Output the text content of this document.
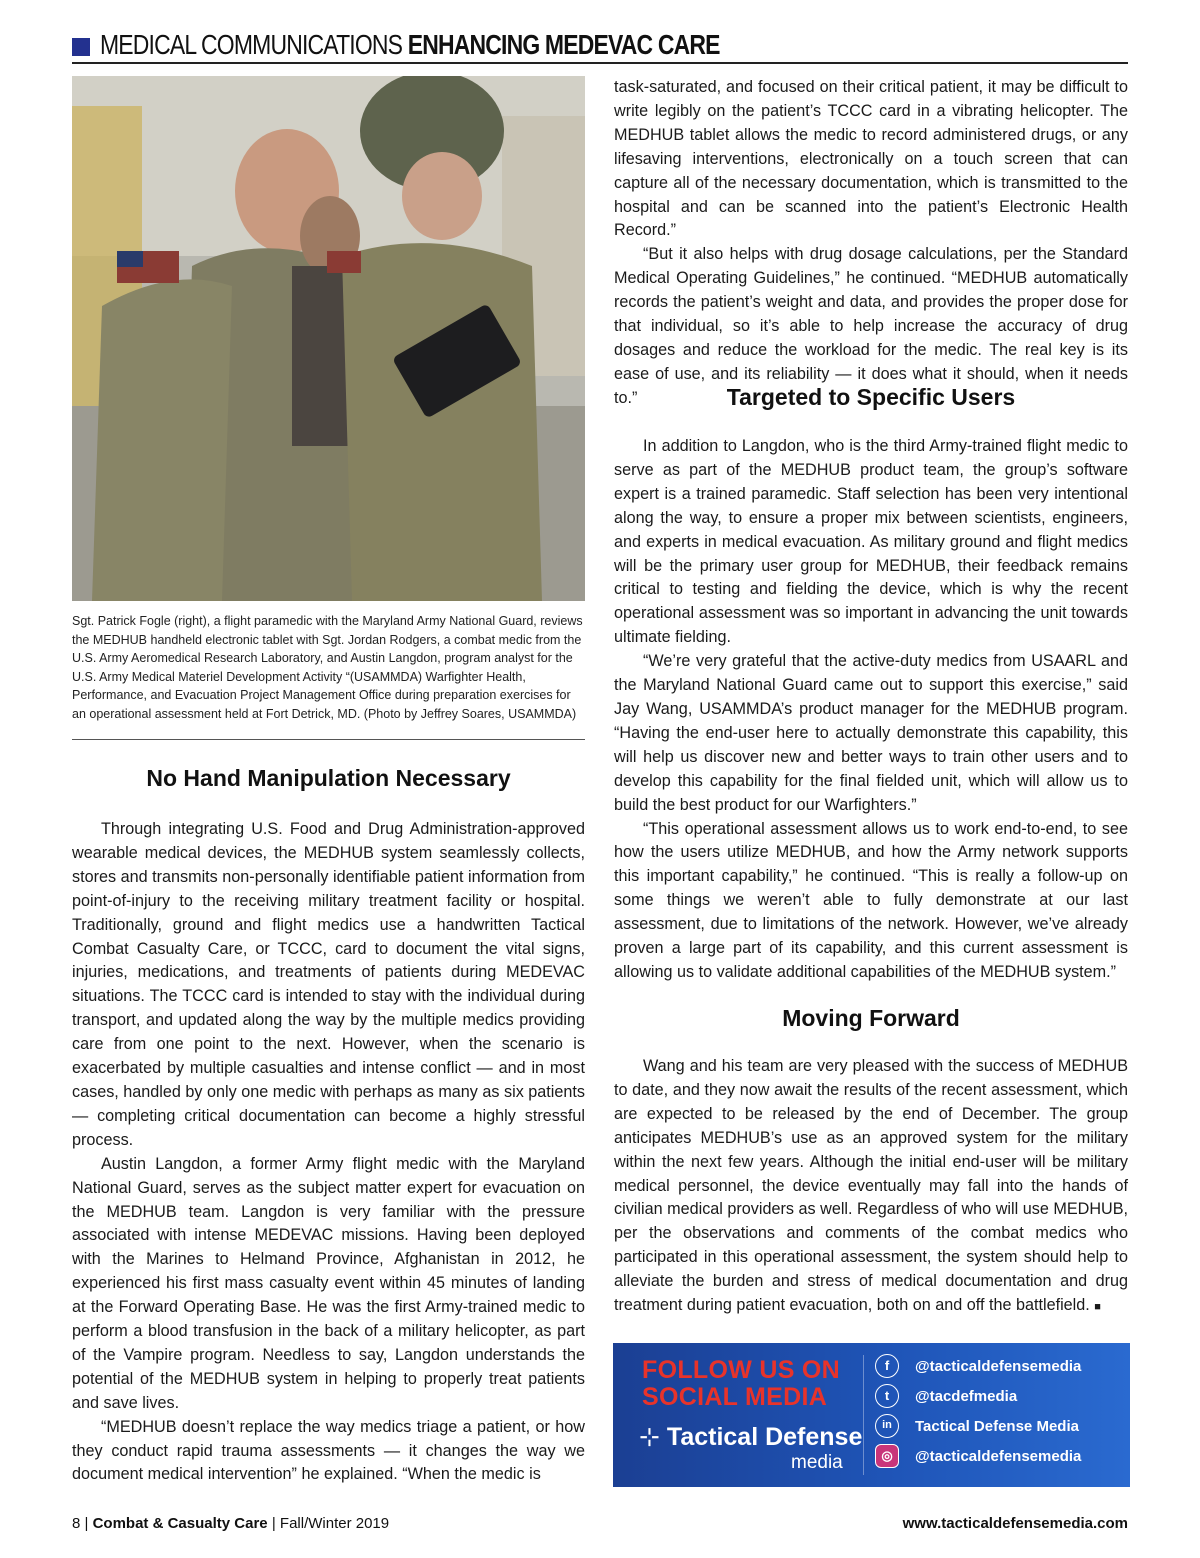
MEDICAL COMMUNICATIONS ENHANCING MEDEVAC CARE
Sgt. Patrick Fogle (right), a flight paramedic with the Maryland Army National Guard, reviews the MEDHUB handheld electronic tablet with Sgt. Jordan Rodgers, a combat medic from the U.S. Army Aeromedical Research Laboratory, and Austin Langdon, program analyst for the U.S. Army Medical Materiel Development Activity “(USAMMDA) Warfighter Health, Performance, and Evacuation Project Management Office during preparation exercises for an operational assessment held at Fort Detrick, MD. (Photo by Jeffrey Soares, USAMMDA)
No Hand Manipulation Necessary

Through integrating U.S. Food and Drug Administration-approved wearable medical devices, the MEDHUB system seamlessly collects, stores and transmits non-personally identifiable patient information from point-of-injury to the receiving military treatment facility or hospital. Traditionally, ground and flight medics use a handwritten Tactical Combat Casualty Care, or TCCC, card to document the vital signs, injuries, medications, and treatments of patients during MEDEVAC situations. The TCCC card is intended to stay with the individual during transport, and updated along the way by the multiple medics providing care from one point to the next. However, when the scenario is exacerbated by multiple casualties and intense conflict — and in most cases, handled by only one medic with perhaps as many as six patients — completing critical documentation can become a highly stressful process.

Austin Langdon, a former Army flight medic with the Maryland National Guard, serves as the subject matter expert for evacuation on the MEDHUB team. Langdon is very familiar with the pressure associated with intense MEDEVAC missions. Having been deployed with the Marines to Helmand Province, Afghanistan in 2012, he experienced his first mass casualty event within 45 minutes of landing at the Forward Operating Base. He was the first Army-trained medic to perform a blood transfusion in the back of a military helicopter, as part of the Vampire program. Needless to say, Langdon understands the potential of the MEDHUB system in helping to properly treat patients and save lives.

“MEDHUB doesn’t replace the way medics triage a patient, or how they conduct rapid trauma assessments — it changes the way we document medical intervention” he explained. “When the medic is

task-saturated, and focused on their critical patient, it may be difficult to write legibly on the patient’s TCCC card in a vibrating helicopter. The MEDHUB tablet allows the medic to record administered drugs, or any lifesaving interventions, electronically on a touch screen that can capture all of the necessary documentation, which is transmitted to the hospital and can be scanned into the patient’s Electronic Health Record.”

“But it also helps with drug dosage calculations, per the Standard Medical Operating Guidelines,” he continued. “MEDHUB automatically records the patient’s weight and data, and provides the proper dose for that individual, so it’s able to help increase the accuracy of drug dosages and reduce the workload for the medic. The real key is its ease of use, and its reliability — it does what it should, when it needs to.”	Targeted to Specific Users

In addition to Langdon, who is the third Army-trained flight medic to serve as part of the MEDHUB product team, the group’s software expert is a trained paramedic. Staff selection has been very intentional along the way, to ensure a proper mix between scientists, engineers, and experts in medical evacuation. As military ground and flight medics will be the primary user group for MEDHUB, their feedback remains critical to testing and fielding the device, which is why the recent operational assessment was so important in advancing the unit towards ultimate fielding.

“We’re very grateful that the active-duty medics from USAARL and the Maryland National Guard came out to support this exercise,” said Jay Wang, USAMMDA’s product manager for the MEDHUB program. “Having the end-user here to actually demonstrate this capability, this will help us discover new and better ways to train other users and to develop this capability for the final fielded unit, which will allow us to build the best product for our Warfighters.”

“This operational assessment allows us to work end-to-end, to see how the users utilize MEDHUB, and how the Army network supports this important capability,” he continued. “This is really a follow-up on some things we weren’t able to fully demonstrate at our last assessment, due to limitations of the network. However, we’ve already proven a large part of its capability, and this current assessment is allowing us to validate additional capabilities of the MEDHUB system.”

Moving Forward

Wang and his team are very pleased with the success of MEDHUB to date, and they now await the results of the recent assessment, which are expected to be released by the end of December. The group anticipates MEDHUB’s use as an approved system for the military within the next few years. Although the initial end-user will be military medical personnel, the device eventually may fall into the hands of civilian medical providers as well. Regardless of who will use MEDHUB, per the observations and comments of the combat medics who participated in this operational assessment, the system should help to alleviate the burden and stress of medical documentation and drug treatment during patient evacuation, both on and off the battlefield. ■

FOLLOW US ON
SOCIAL MEDIA
⊹ Tactical Defense
media
f	@tacticaldefensemedia
t	@tacdefmedia
in	Tactical Defense Media
◎	@tacticaldefensemedia
8 | Combat & Casualty Care | Fall/Winter 2019	www.tacticaldefensemedia.com
